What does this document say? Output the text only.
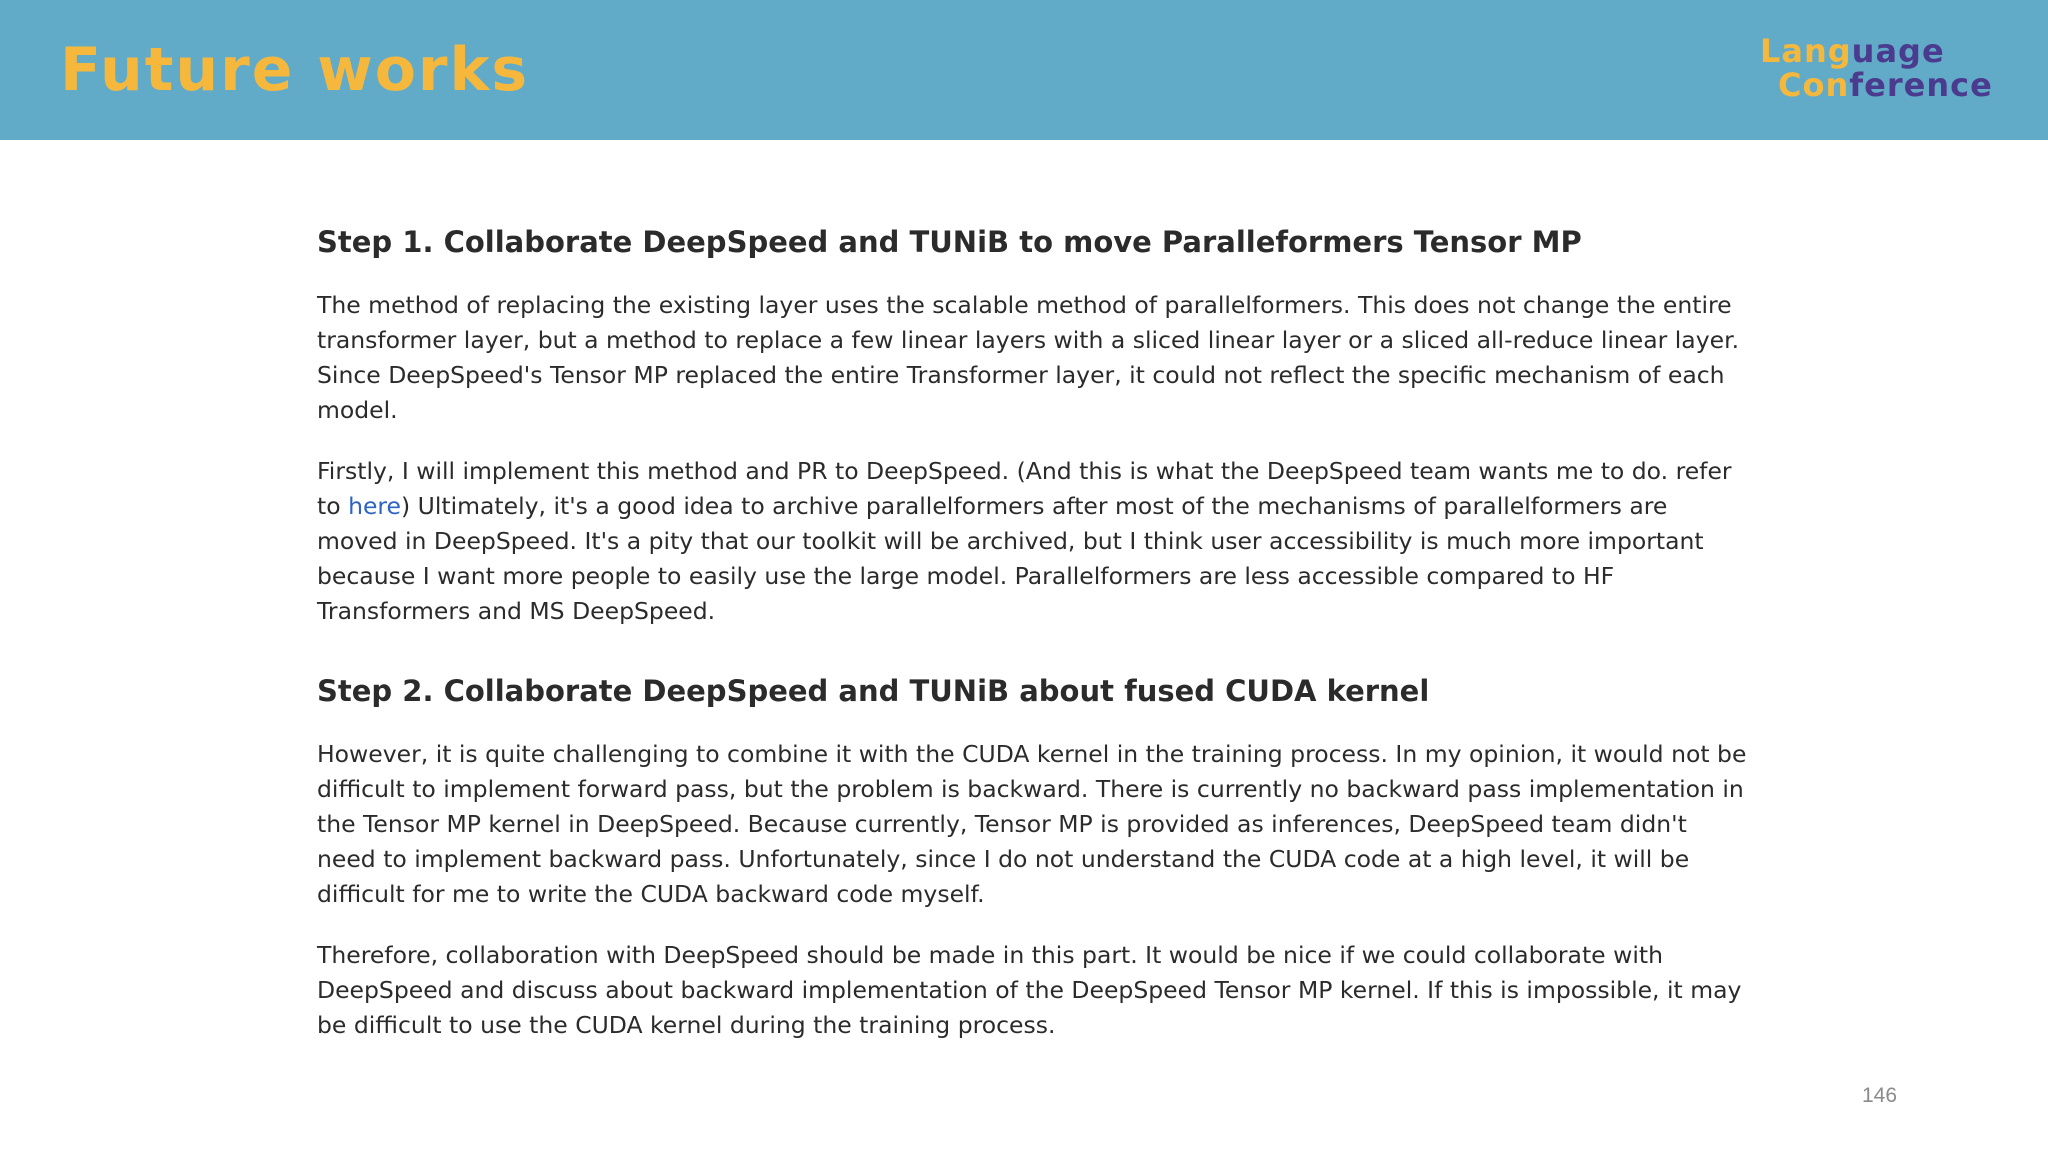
Future works	Language
Conference
Step 1. Collaborate DeepSpeed and TUNiB to move Paralleformers Tensor MP

The method of replacing the existing layer uses the scalable method of parallelformers. This does not change the entire transformer layer, but a method to replace a few linear layers with a sliced linear layer or a sliced all-reduce linear layer. Since DeepSpeed's Tensor MP replaced the entire Transformer layer, it could not reflect the specific mechanism of each model.

Firstly, I will implement this method and PR to DeepSpeed. (And this is what the DeepSpeed team wants me to do. refer to here) Ultimately, it's a good idea to archive parallelformers after most of the mechanisms of parallelformers are moved in DeepSpeed. It's a pity that our toolkit will be archived, but I think user accessibility is much more important because I want more people to easily use the large model. Parallelformers are less accessible compared to HF Transformers and MS DeepSpeed.

Step 2. Collaborate DeepSpeed and TUNiB about fused CUDA kernel

However, it is quite challenging to combine it with the CUDA kernel in the training process. In my opinion, it would not be difficult to implement forward pass, but the problem is backward. There is currently no backward pass implementation in the Tensor MP kernel in DeepSpeed. Because currently, Tensor MP is provided as inferences, DeepSpeed team didn't need to implement backward pass. Unfortunately, since I do not understand the CUDA code at a high level, it will be difficult for me to write the CUDA backward code myself.

Therefore, collaboration with DeepSpeed should be made in this part. It would be nice if we could collaborate with DeepSpeed and discuss about backward implementation of the DeepSpeed Tensor MP kernel. If this is impossible, it may be difficult to use the CUDA kernel during the training process.

146
